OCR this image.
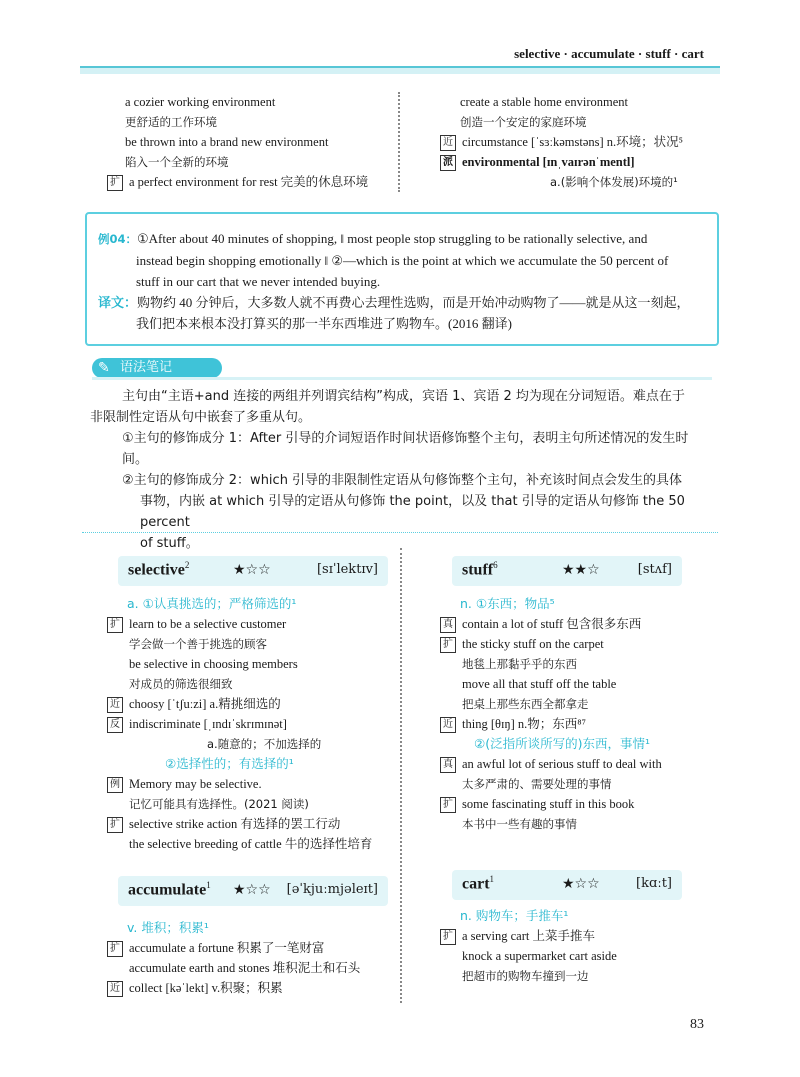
selective · accumulate · stuff · cart
a cozier working environment
更舒适的工作环境
be thrown into a brand new environment
陷入一个全新的环境
扩 a perfect environment for rest 完美的休息环境
create a stable home environment
创造一个安定的家庭环境
近 circumstance [ˈsɜːkəmstəns] n.环境；状况⁵
派 environmental [ɪnˌvaɪrənˈmentl]
a.(影响个体发展)环境的¹
例04：①After about 40 minutes of shopping, ‖ most people stop struggling to be rationally selective, and
instead begin shopping emotionally ‖ ②—which is the point at which we accumulate the 50 percent of
stuff in our cart that we never intended buying.
译文：购物约 40 分钟后，大多数人就不再费心去理性选购，而是开始冲动购物了——就是从这一刻起，
我们把本来根本没打算买的那一半东西堆进了购物车。(2016 翻译)
✎ 语法笔记
主句由“主语+and 连接的两组并列谓宾结构”构成，宾语 1、宾语 2 均为现在分词短语。难点在于
非限制性定语从句中嵌套了多重从句。
①主句的修饰成分 1：After 引导的介词短语作时间状语修饰整个主句，表明主句所述情况的发生时间。
②主句的修饰成分 2：which 引导的非限制性定语从句修饰整个主句，补充该时间点会发生的具体
事物，内嵌 at which 引导的定语从句修饰 the point，以及 that 引导的定语从句修饰 the 50 percent
of stuff。
selective$^2$	★☆☆	[sɪˈlektɪv]
a. ①认真挑选的；严格筛选的¹
扩 learn to be a selective customer
学会做一个善于挑选的顾客
be selective in choosing members
对成员的筛选很细致
近 choosy [ˈtʃuːzi] a.精挑细选的
反 indiscriminate [ˌɪndɪˈskrɪmɪnət]
a.随意的；不加选择的
②选择性的；有选择的¹
例 Memory may be selective.
记忆可能具有选择性。(2021 阅读)
扩 selective strike action 有选择的罢工行动
the selective breeding of cattle 牛的选择性培育
accumulate$^1$ ★☆☆ [əˈkjuːmjəleɪt]
v. 堆积；积累¹
扩 accumulate a fortune 积累了一笔财富
accumulate earth and stones 堆积泥土和石头
近 collect [kəˈlekt] v.积聚；积累
stuff$^6$	★★☆	[stʌf]
n. ①东西；物品⁵
真 contain a lot of stuff 包含很多东西
扩 the sticky stuff on the carpet
地毯上那黏乎乎的东西
move all that stuff off the table
把桌上那些东西全都拿走
近 thing [θɪŋ] n.物；东西⁸⁷
②(泛指所谈所写的)东西，事情¹
真 an awful lot of serious stuff to deal with
太多严肃的、需要处理的事情
扩 some fascinating stuff in this book
本书中一些有趣的事情
cart$^1$	★☆☆	[kɑːt]
n. 购物车；手推车¹
扩 a serving cart 上菜手推车
knock a supermarket cart aside
把超市的购物车撞到一边
83
